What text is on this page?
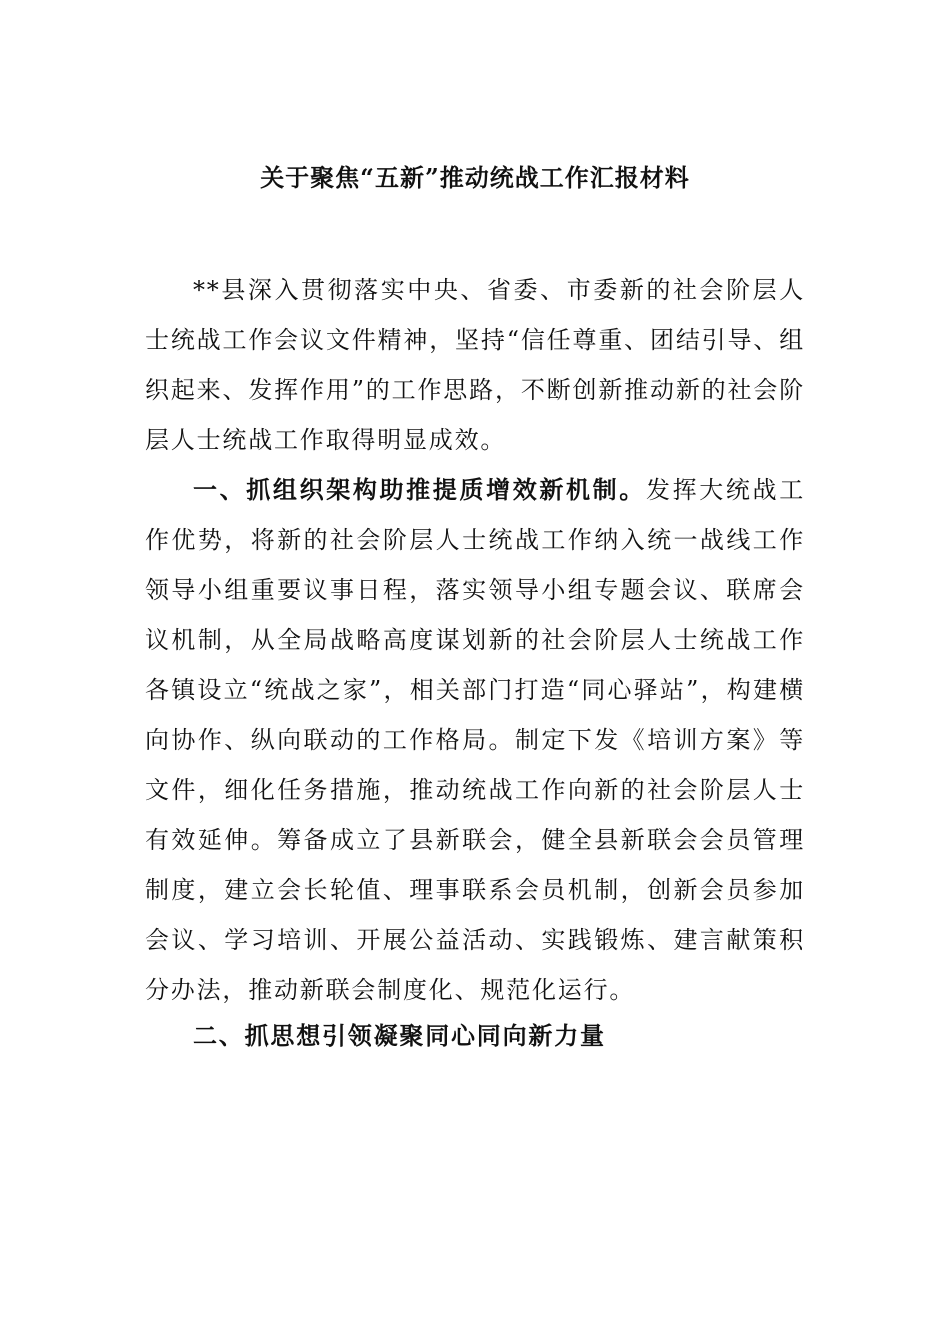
关于聚焦“五新”推动统战工作汇报材料

**县深入贯彻落实中央、省委、市委新的社会阶层人士统战工作会议文件精神，坚持“信任尊重、团结引导、组织起来、发挥作用”的工作思路，不断创新推动新的社会阶层人士统战工作取得明显成效。

一、抓组织架构助推提质增效新机制。发挥大统战工作优势，将新的社会阶层人士统战工作纳入统一战线工作领导小组重要议事日程，落实领导小组专题会议、联席会议机制，从全局战略高度谋划新的社会阶层人士统战工作各镇设立“统战之家”，相关部门打造“同心驿站”，构建横向协作、纵向联动的工作格局。制定下发《培训方案》等文件，细化任务措施，推动统战工作向新的社会阶层人士有效延伸。筹备成立了县新联会，健全县新联会会员管理制度，建立会长轮值、理事联系会员机制，创新会员参加会议、学习培训、开展公益活动、实践锻炼、建言献策积分办法，推动新联会制度化、规范化运行。

二、抓思想引领凝聚同心同向新力量
